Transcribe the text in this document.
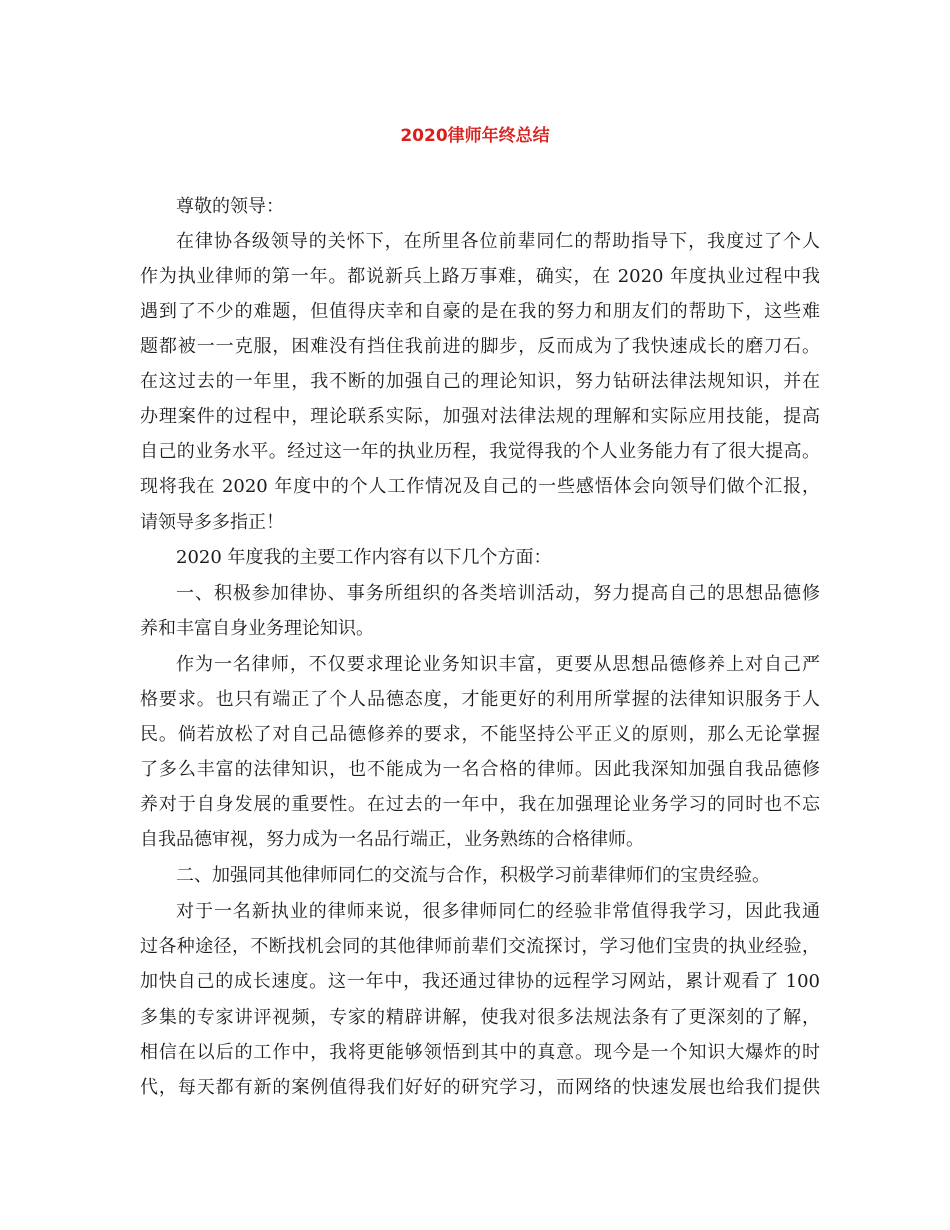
2020律师年终总结

尊敬的领导：

在律协各级领导的关怀下，在所里各位前辈同仁的帮助指导下，我度过了个人

作为执业律师的第一年。都说新兵上路万事难，确实，在 2020 年度执业过程中我

遇到了不少的难题，但值得庆幸和自豪的是在我的努力和朋友们的帮助下，这些难

题都被一一克服，困难没有挡住我前进的脚步，反而成为了我快速成长的磨刀石。

在这过去的一年里，我不断的加强自己的理论知识，努力钻研法律法规知识，并在

办理案件的过程中，理论联系实际，加强对法律法规的理解和实际应用技能，提高

自己的业务水平。经过这一年的执业历程，我觉得我的个人业务能力有了很大提高。

现将我在 2020 年度中的个人工作情况及自己的一些感悟体会向领导们做个汇报，

请领导多多指正！

2020 年度我的主要工作内容有以下几个方面：

一、积极参加律协、事务所组织的各类培训活动，努力提高自己的思想品德修

养和丰富自身业务理论知识。

作为一名律师，不仅要求理论业务知识丰富，更要从思想品德修养上对自己严

格要求。也只有端正了个人品德态度，才能更好的利用所掌握的法律知识服务于人

民。倘若放松了对自己品德修养的要求，不能坚持公平正义的原则，那么无论掌握

了多么丰富的法律知识，也不能成为一名合格的律师。因此我深知加强自我品德修

养对于自身发展的重要性。在过去的一年中，我在加强理论业务学习的同时也不忘

自我品德审视，努力成为一名品行端正，业务熟练的合格律师。

二、加强同其他律师同仁的交流与合作，积极学习前辈律师们的宝贵经验。

对于一名新执业的律师来说，很多律师同仁的经验非常值得我学习，因此我通

过各种途径，不断找机会同的其他律师前辈们交流探讨，学习他们宝贵的执业经验，

加快自己的成长速度。这一年中，我还通过律协的远程学习网站，累计观看了 100

多集的专家讲评视频，专家的精辟讲解，使我对很多法规法条有了更深刻的了解，

相信在以后的工作中，我将更能够领悟到其中的真意。现今是一个知识大爆炸的时

代，每天都有新的案例值得我们好好的研究学习，而网络的快速发展也给我们提供
